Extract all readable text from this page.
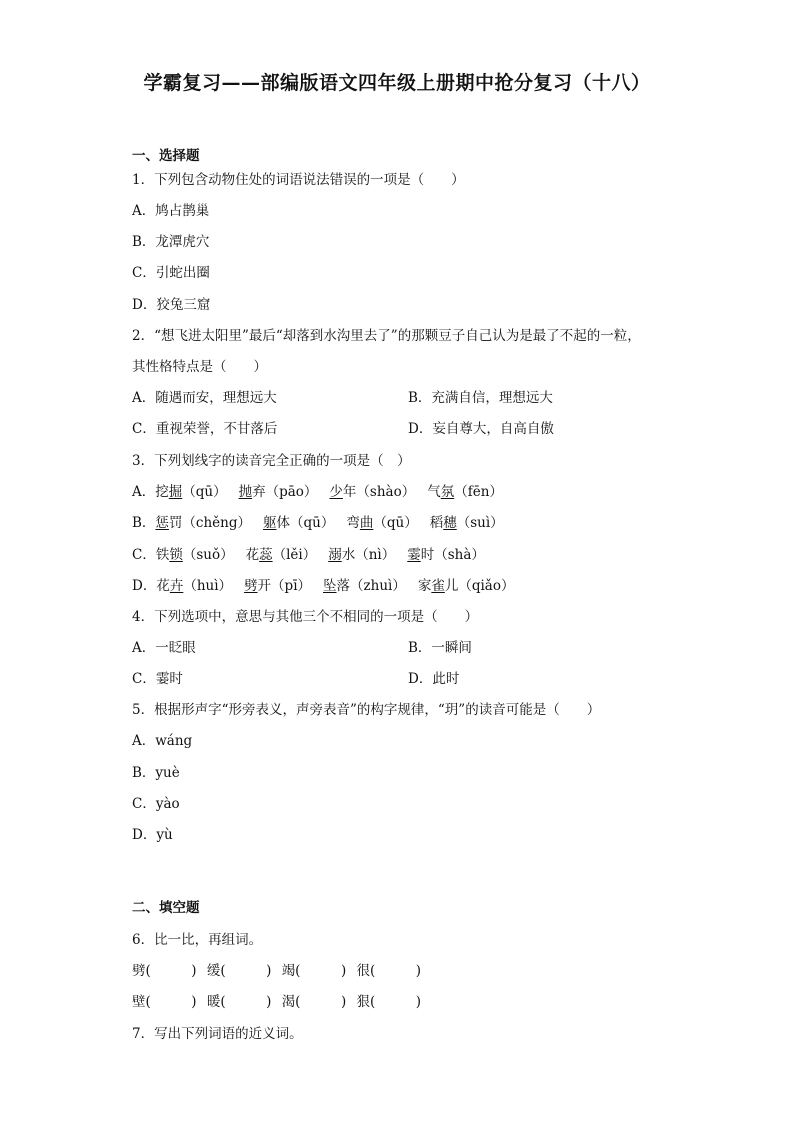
学霸复习——部编版语文四年级上册期中抢分复习（十八）
一、选择题
1．下列包含动物住处的词语说法错误的一项是（　　）
A．鸠占鹊巢
B．龙潭虎穴
C．引蛇出圈
D．狡兔三窟
2．“想飞进太阳里”最后“却落到水沟里去了”的那颗豆子自己认为是最了不起的一粒，
其性格特点是（　　）
A．随遇而安，理想远大	B．充满自信，理想远大
C．重视荣誉，不甘落后	D．妄自尊大，自高自傲
3．下列划线字的读音完全正确的一项是（　）
A．挖掘（qū） 抛弃（pāo） 少年（shào） 气氛（fēn）
B．惩罚（chěng） 躯体（qū） 弯曲（qū） 稻穗（suì）
C．铁锁（suǒ） 花蕊（lěi） 溺水（nì） 霎时（shà）
D．花卉（huì） 劈开（pī） 坠落（zhuì） 家雀儿（qiǎo）
4．下列选项中，意思与其他三个不相同的一项是（　　）
A．一眨眼	B．一瞬间
C．霎时	D．此时
5．根据形声字“形旁表义，声旁表音”的构字规律，“玥”的读音可能是（　　）
A．wáng
B．yuè
C．yào
D．yù
二、填空题
6．比一比，再组词。
劈(　　　) 缓(　　　) 竭(　　　) 很(　　　)
壁(　　　) 暖(　　　) 渴(　　　) 狠(　　　)
7．写出下列词语的近义词。
